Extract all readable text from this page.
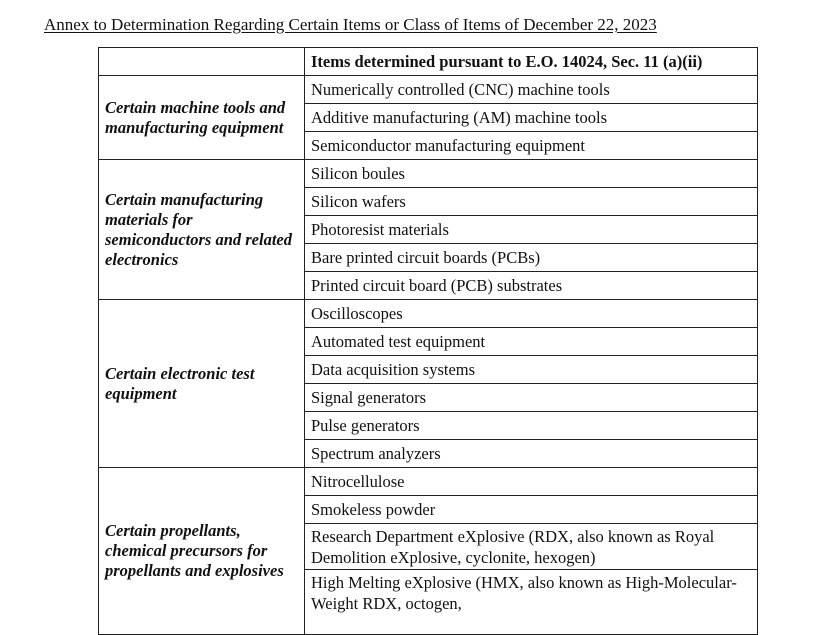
Annex to Determination Regarding Certain Items or Class of Items of December 22, 2023
	Items determined pursuant to E.O. 14024, Sec. 11 (a)(ii)
Certain machine tools and manufacturing equipment	Numerically controlled (CNC) machine tools
	Additive manufacturing (AM) machine tools
	Semiconductor manufacturing equipment
Certain manufacturing materials for semiconductors and related electronics	Silicon boules
	Silicon wafers
	Photoresist materials
	Bare printed circuit boards (PCBs)
	Printed circuit board (PCB) substrates
Certain electronic test equipment	Oscilloscopes
	Automated test equipment
	Data acquisition systems
	Signal generators
	Pulse generators
	Spectrum analyzers
Certain propellants, chemical precursors for propellants and explosives	Nitrocellulose
	Smokeless powder
	Research Department eXplosive (RDX, also known as Royal Demolition eXplosive, cyclonite, hexogen)
	High Melting eXplosive (HMX, also known as High-Molecular-Weight RDX, octogen,
